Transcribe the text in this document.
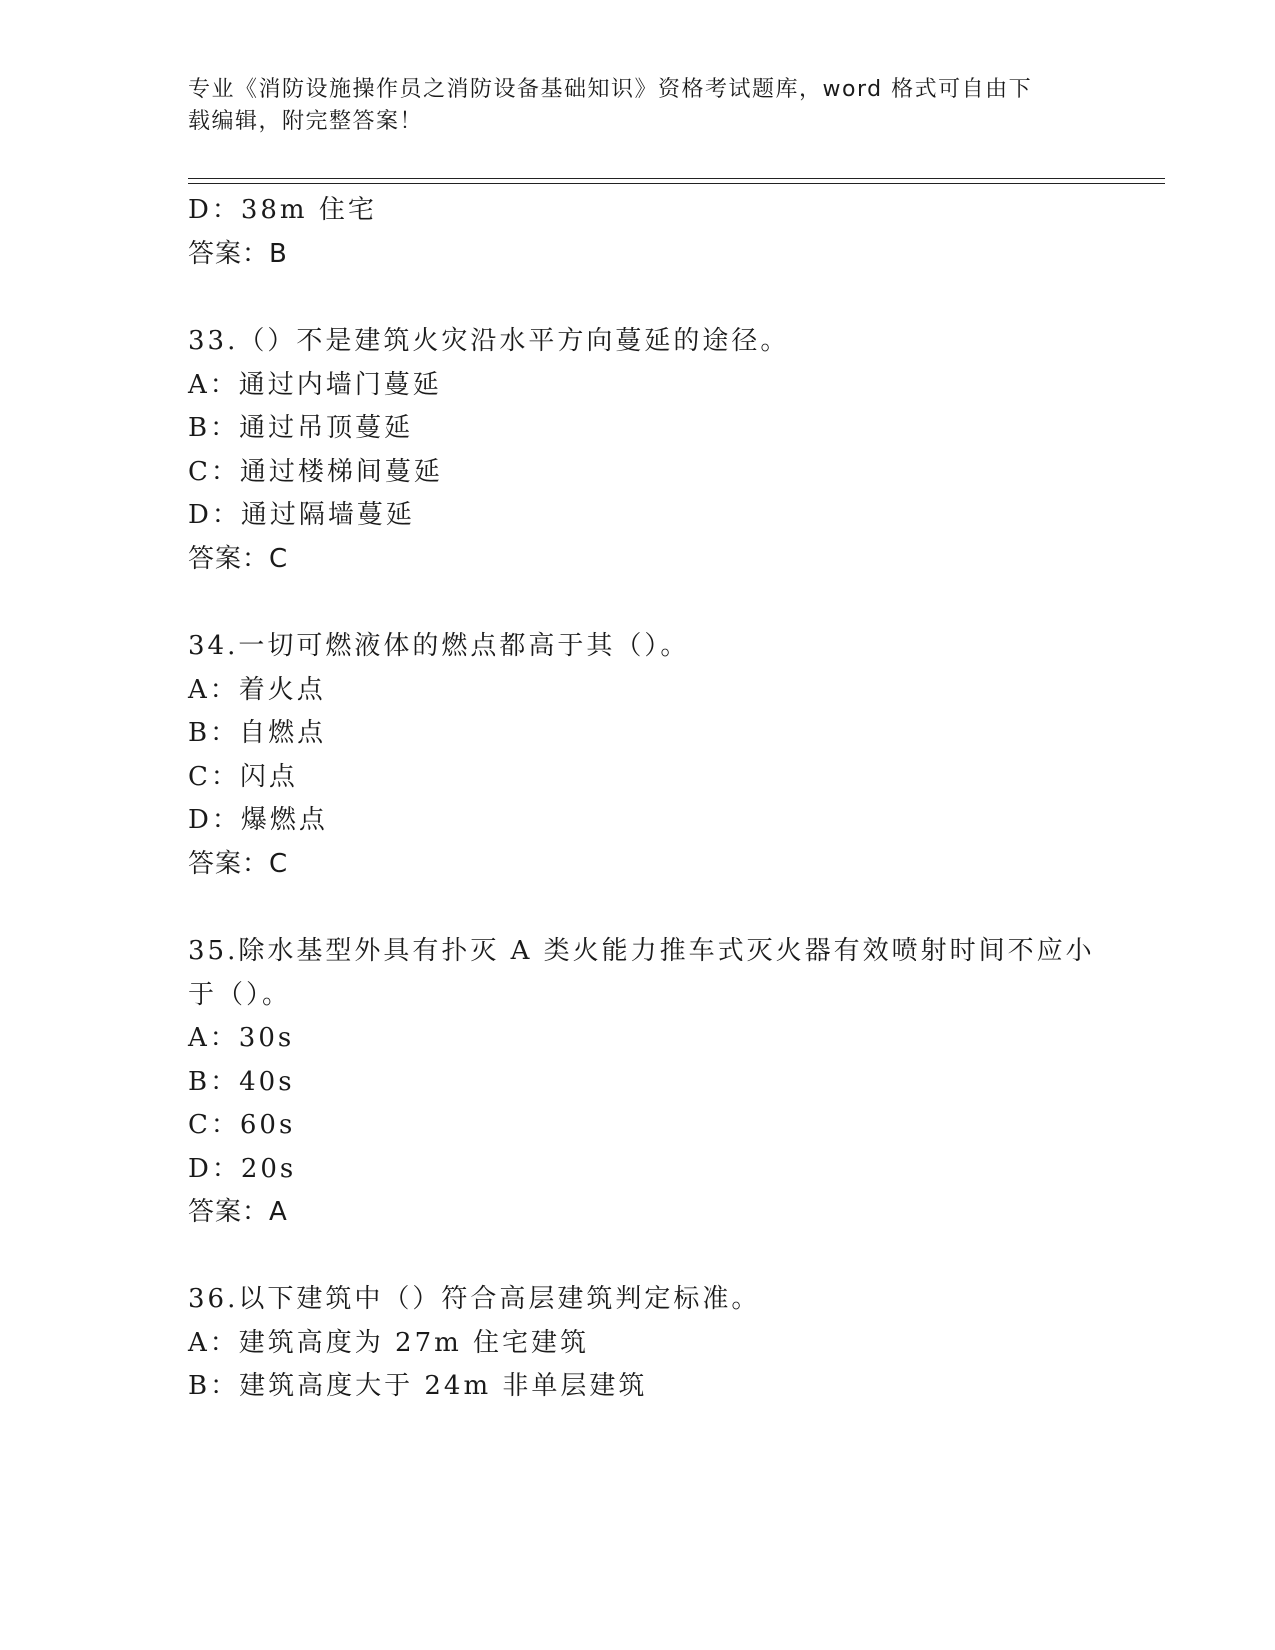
专业《消防设施操作员之消防设备基础知识》资格考试题库，word 格式可自由下
载编辑，附完整答案！
D：38m 住宅
答案：B
33.（）不是建筑火灾沿水平方向蔓延的途径。
A：通过内墙门蔓延
B：通过吊顶蔓延
C：通过楼梯间蔓延
D：通过隔墙蔓延
答案：C
34.一切可燃液体的燃点都高于其（）。
A：着火点
B：自燃点
C：闪点
D：爆燃点
答案：C
35.除水基型外具有扑灭 A 类火能力推车式灭火器有效喷射时间不应小
于（）。
A：30s
B：40s
C：60s
D：20s
答案：A
36.以下建筑中（）符合高层建筑判定标准。
A：建筑高度为 27m 住宅建筑
B：建筑高度大于 24m 非单层建筑
